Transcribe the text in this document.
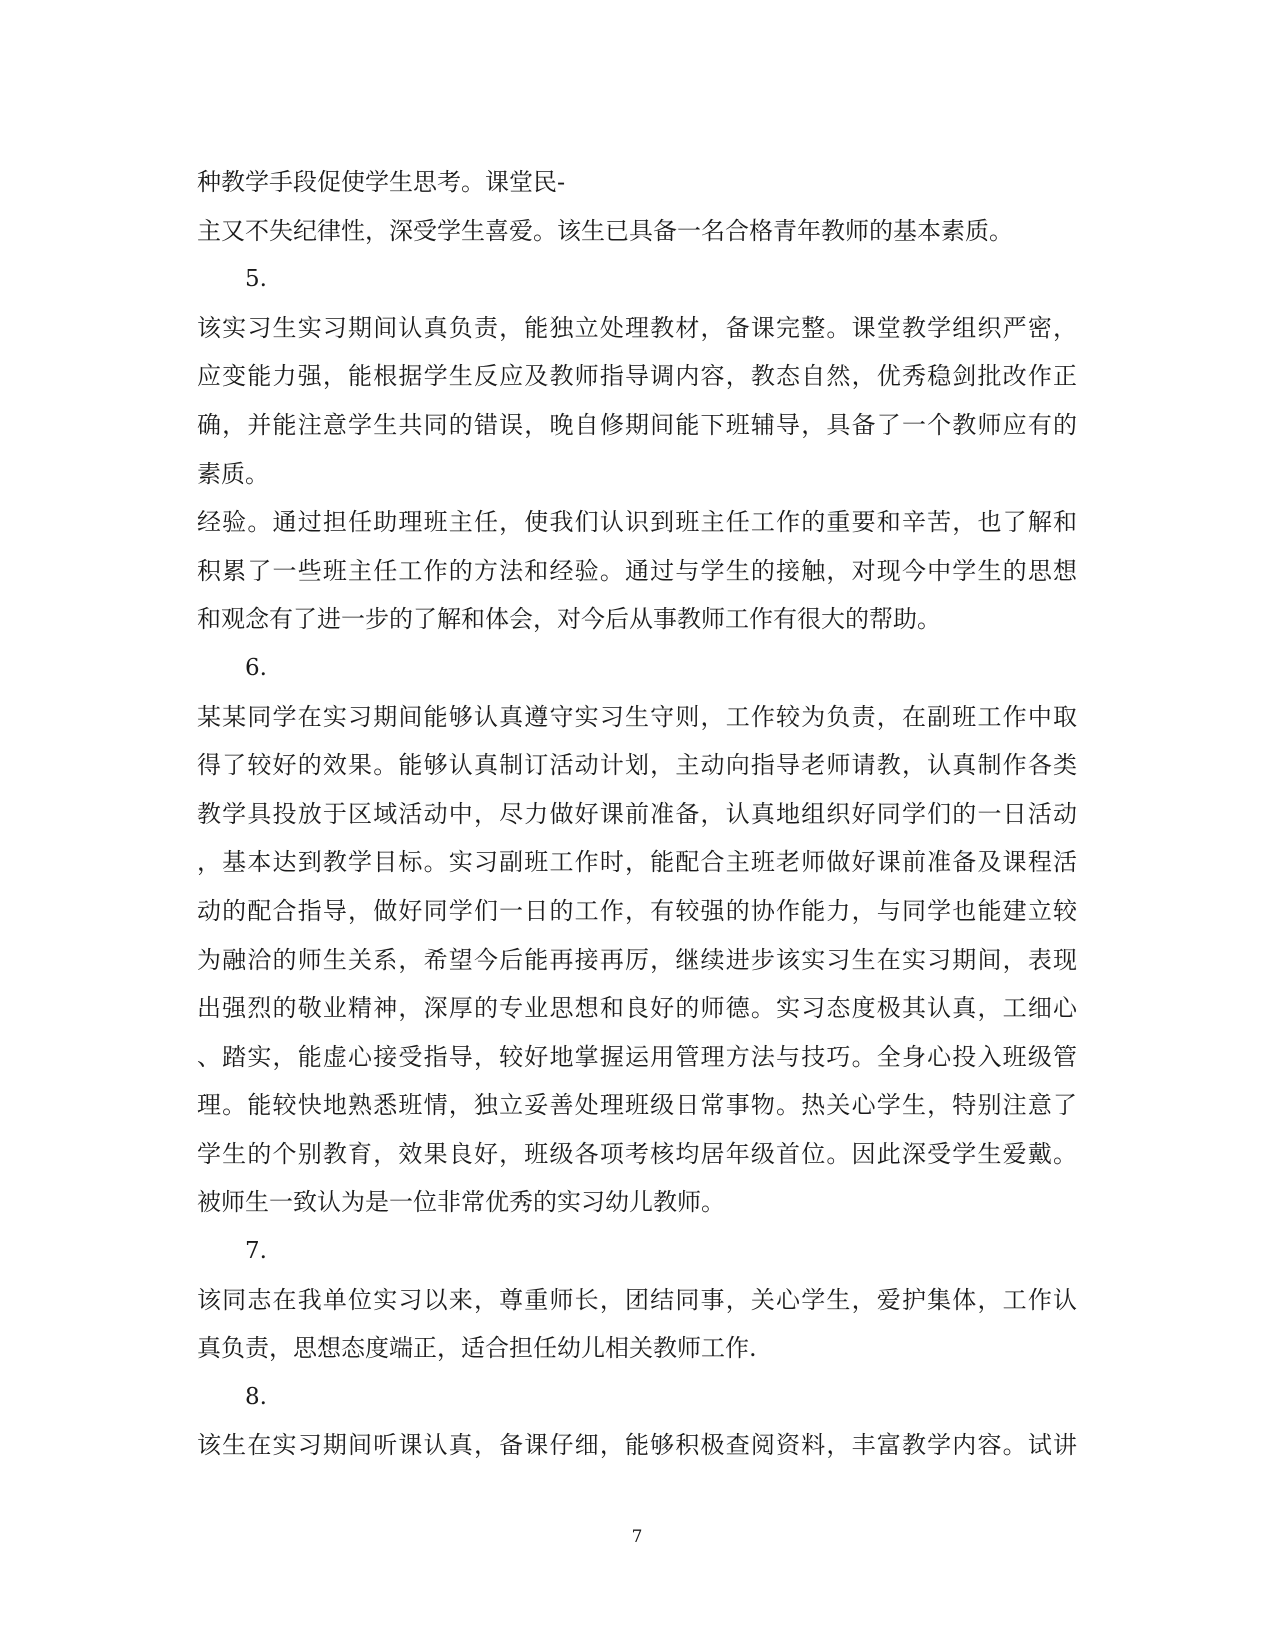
种教学手段促使学生思考。课堂民-
主又不失纪律性，深受学生喜爱。该生已具备一名合格青年教师的基本素质。
5.
该实习生实习期间认真负责，能独立处理教材，备课完整。课堂教学组织严密，
应变能力强，能根据学生反应及教师指导调内容，教态自然，优秀稳剑批改作正
确，并能注意学生共同的错误，晚自修期间能下班辅导，具备了一个教师应有的
素质。
经验。通过担任助理班主任，使我们认识到班主任工作的重要和辛苦，也了解和
积累了一些班主任工作的方法和经验。通过与学生的接触，对现今中学生的思想
和观念有了进一步的了解和体会，对今后从事教师工作有很大的帮助。
6.
某某同学在实习期间能够认真遵守实习生守则，工作较为负责，在副班工作中取
得了较好的效果。能够认真制订活动计划，主动向指导老师请教，认真制作各类
教学具投放于区域活动中，尽力做好课前准备，认真地组织好同学们的一日活动
，基本达到教学目标。实习副班工作时，能配合主班老师做好课前准备及课程活
动的配合指导，做好同学们一日的工作，有较强的协作能力，与同学也能建立较
为融洽的师生关系，希望今后能再接再厉，继续进步该实习生在实习期间，表现
出强烈的敬业精神，深厚的专业思想和良好的师德。实习态度极其认真，工细心
、踏实，能虚心接受指导，较好地掌握运用管理方法与技巧。全身心投入班级管
理。能较快地熟悉班情，独立妥善处理班级日常事物。热关心学生，特别注意了
学生的个别教育，效果良好，班级各项考核均居年级首位。因此深受学生爱戴。
被师生一致认为是一位非常优秀的实习幼儿教师。
7.
该同志在我单位实习以来，尊重师长，团结同事，关心学生，爱护集体，工作认
真负责，思想态度端正，适合担任幼儿相关教师工作.
8.
该生在实习期间听课认真，备课仔细，能够积极查阅资料，丰富教学内容。试讲
7
